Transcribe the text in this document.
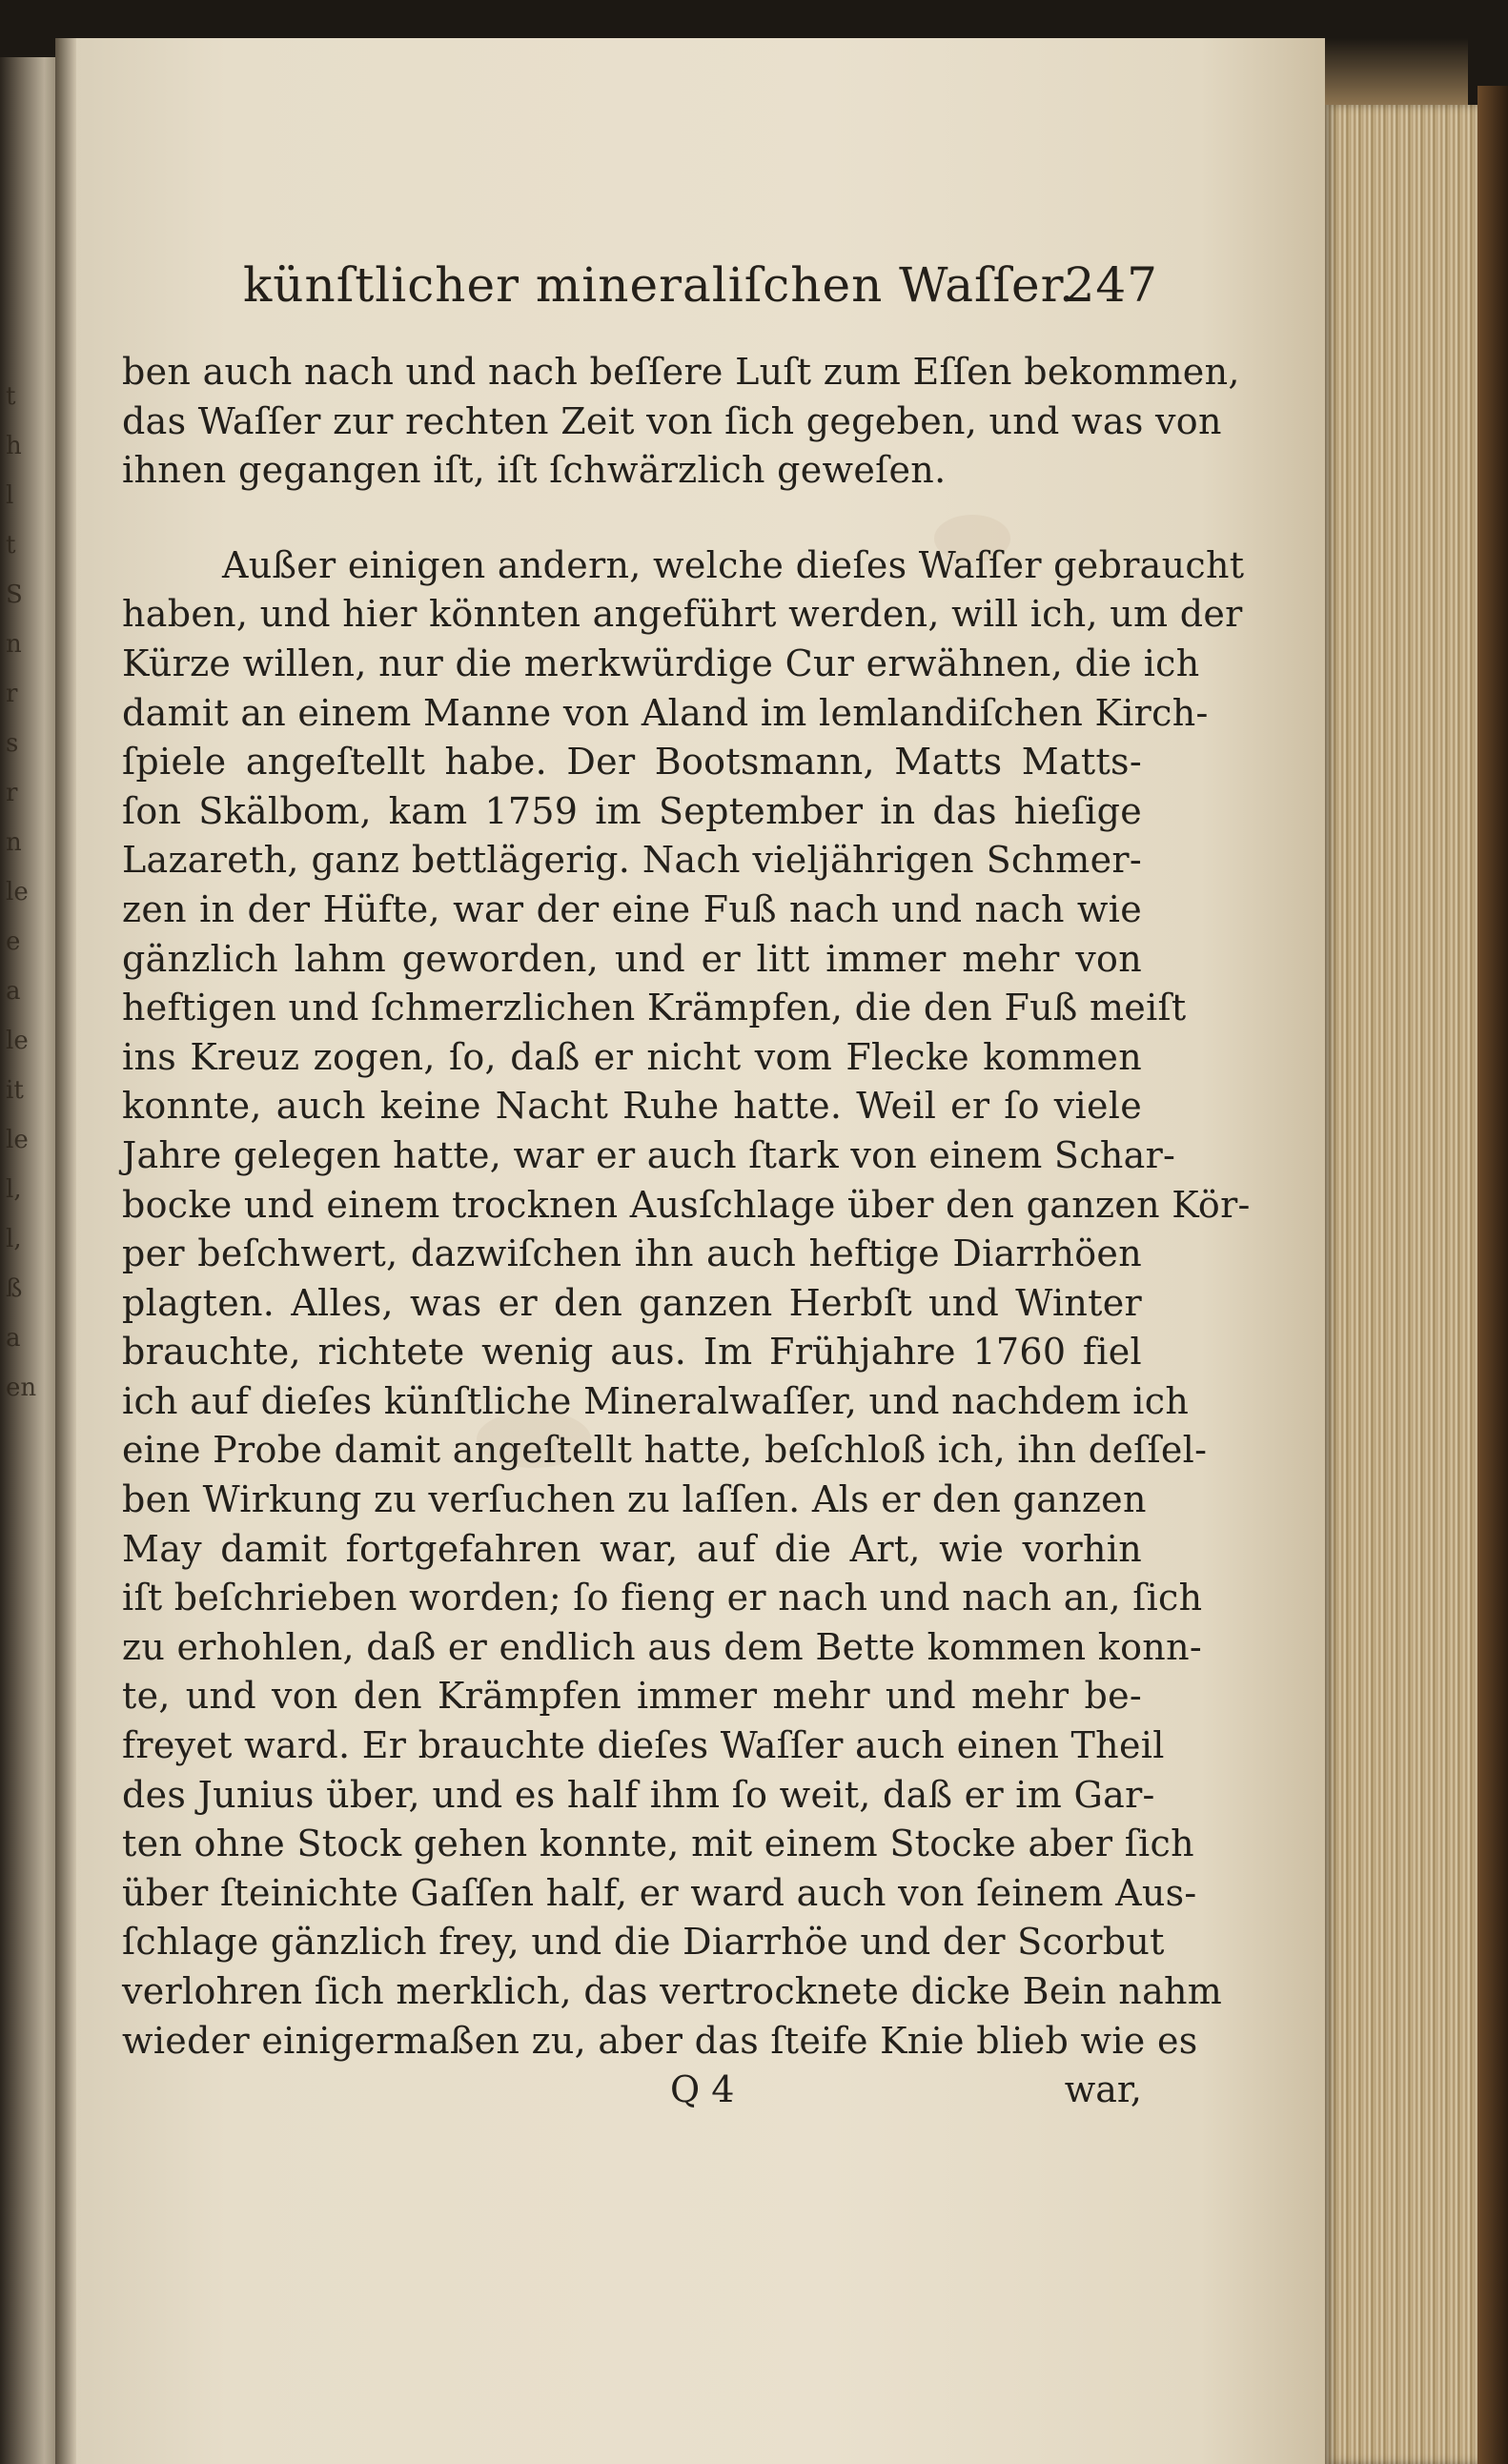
t
h
l
t
S
n
r
s
r
n
le
e
a
le
it
le
l,
l,
ß
a
en
künſtlicher mineraliſchen Waſſer.
247
ben auch nach und nach beſſere Luſt zum Eſſen bekommen,
das Waſſer zur rechten Zeit von ſich gegeben, und was von
ihnen gegangen iſt, iſt ſchwärzlich geweſen.
Außer einigen andern, welche dieſes Waſſer gebraucht
haben, und hier könnten angeführt werden, will ich, um der
Kürze willen, nur die merkwürdige Cur erwähnen, die ich
damit an einem Manne von Aland im lemlandiſchen Kirch-
ſpiele angeſtellt habe. Der Bootsmann, Matts Matts-
ſon Skälbom, kam 1759 im September in das hieſige
Lazareth, ganz bettlägerig. Nach vieljährigen Schmer-
zen in der Hüfte, war der eine Fuß nach und nach wie
gänzlich lahm geworden, und er litt immer mehr von
heftigen und ſchmerzlichen Krämpfen, die den Fuß meiſt
ins Kreuz zogen, ſo, daß er nicht vom Flecke kommen
konnte, auch keine Nacht Ruhe hatte. Weil er ſo viele
Jahre gelegen hatte, war er auch ſtark von einem Schar-
bocke und einem trocknen Ausſchlage über den ganzen Kör-
per beſchwert, dazwiſchen ihn auch heftige Diarrhöen
plagten. Alles, was er den ganzen Herbſt und Winter
brauchte, richtete wenig aus. Im Frühjahre 1760 fiel
ich auf dieſes künſtliche Mineralwaſſer, und nachdem ich
eine Probe damit angeſtellt hatte, beſchloß ich, ihn deſſel-
ben Wirkung zu verſuchen zu laſſen. Als er den ganzen
May damit fortgefahren war, auf die Art, wie vorhin
iſt beſchrieben worden; ſo fieng er nach und nach an, ſich
zu erhohlen, daß er endlich aus dem Bette kommen konn-
te, und von den Krämpfen immer mehr und mehr be-
freyet ward. Er brauchte dieſes Waſſer auch einen Theil
des Junius über, und es half ihm ſo weit, daß er im Gar-
ten ohne Stock gehen konnte, mit einem Stocke aber ſich
über ſteinichte Gaſſen half, er ward auch von ſeinem Aus-
ſchlage gänzlich frey, und die Diarrhöe und der Scorbut
verlohren ſich merklich, das vertrocknete dicke Bein nahm
wieder einigermaßen zu, aber das ſteife Knie blieb wie es
Q 4	war,
